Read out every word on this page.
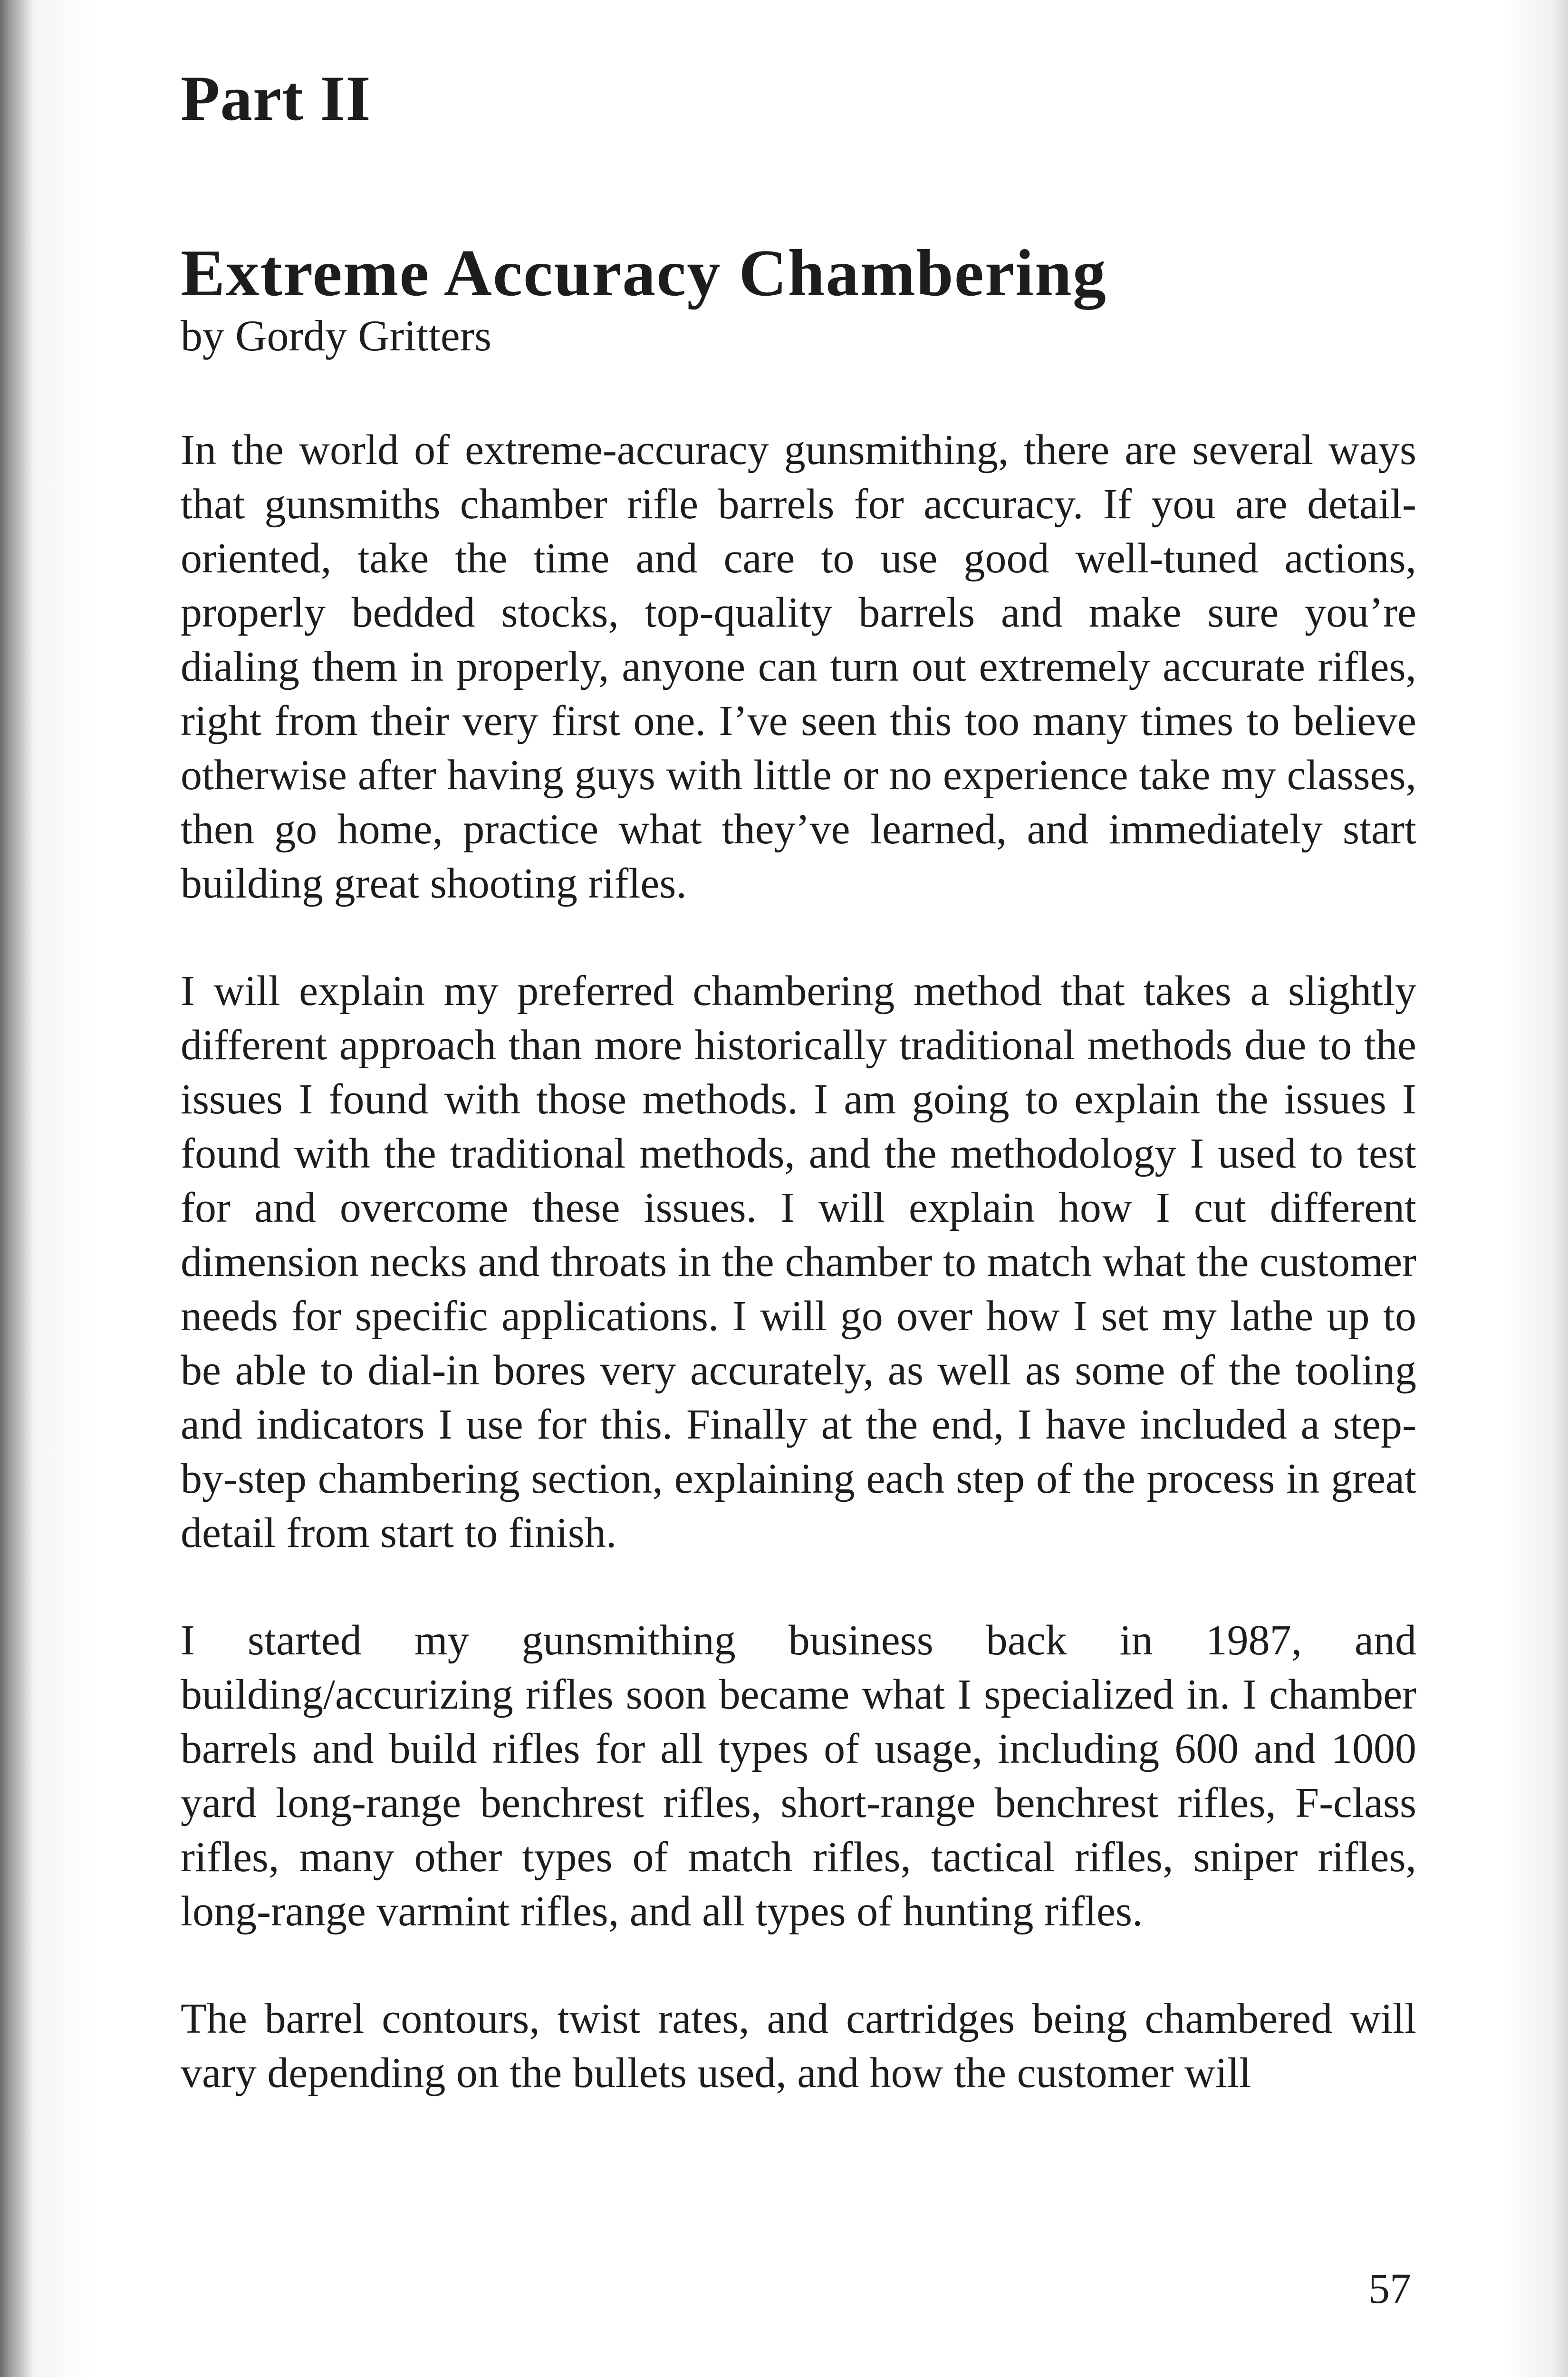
Part II
Extreme Accuracy Chambering

by Gordy Gritters

In the world of extreme-accuracy gunsmithing, there are several ways that gunsmiths chamber rifle barrels for accuracy. If you are detail-oriented, take the time and care to use good well-tuned actions, properly bedded stocks, top-quality barrels and make sure you’re dialing them in properly, anyone can turn out extremely accurate rifles, right from their very first one. I’ve seen this too many times to believe otherwise after having guys with little or no experience take my classes, then go home, practice what they’ve learned, and immediately start building great shooting rifles.

I will explain my preferred chambering method that takes a slightly different approach than more historically traditional methods due to the issues I found with those methods. I am going to explain the issues I found with the traditional methods, and the methodology I used to test for and overcome these issues. I will explain how I cut different dimension necks and throats in the chamber to match what the customer needs for specific applications. I will go over how I set my lathe up to be able to dial-in bores very accurately, as well as some of the tooling and indicators I use for this. Finally at the end, I have included a step-by-step chambering section, explaining each step of the process in great detail from start to finish.

I started my gunsmithing business back in 1987, and building/accurizing rifles soon became what I specialized in. I chamber barrels and build rifles for all types of usage, including 600 and 1000 yard long-range benchrest rifles, short-range benchrest rifles, F-class rifles, many other types of match rifles, tactical rifles, sniper rifles, long-range varmint rifles, and all types of hunting rifles.

The barrel contours, twist rates, and cartridges being chambered will vary depending on the bullets used, and how the customer will

57
